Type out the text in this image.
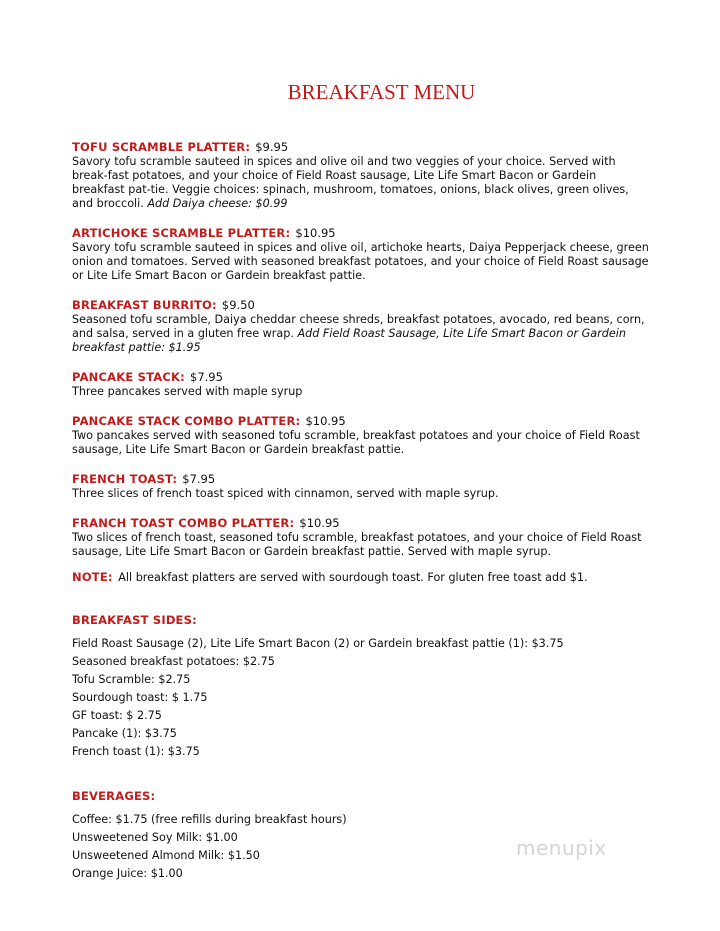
BREAKFAST MENU
TOFU SCRAMBLE PLATTER: $9.95
Savory tofu scramble sauteed in spices and olive oil and two veggies of your choice. Served with break-fast potatoes, and your choice of Field Roast sausage, Lite Life Smart Bacon or Gardein breakfast pat-tie. Veggie choices: spinach, mushroom, tomatoes, onions, black olives, green olives, and broccoli. Add Daiya cheese: $0.99
ARTICHOKE SCRAMBLE PLATTER: $10.95
Savory tofu scramble sauteed in spices and olive oil, artichoke hearts, Daiya Pepperjack cheese, green onion and tomatoes. Served with seasoned breakfast potatoes, and your choice of Field Roast sausage or Lite Life Smart Bacon or Gardein breakfast pattie.
BREAKFAST BURRITO: $9.50
Seasoned tofu scramble, Daiya cheddar cheese shreds, breakfast potatoes, avocado, red beans, corn, and salsa, served in a gluten free wrap. Add Field Roast Sausage, Lite Life Smart Bacon or Gardein breakfast pattie: $1.95
PANCAKE STACK: $7.95
Three pancakes served with maple syrup
PANCAKE STACK COMBO PLATTER: $10.95
Two pancakes served with seasoned tofu scramble, breakfast potatoes and your choice of Field Roast sausage, Lite Life Smart Bacon or Gardein breakfast pattie.
FRENCH TOAST: $7.95
Three slices of french toast spiced with cinnamon, served with maple syrup.
FRANCH TOAST COMBO PLATTER: $10.95
Two slices of french toast, seasoned tofu scramble, breakfast potatoes, and your choice of Field Roast sausage, Lite Life Smart Bacon or Gardein breakfast pattie. Served with maple syrup.
NOTE: All breakfast platters are served with sourdough toast. For gluten free toast add $1.
BREAKFAST SIDES:
Field Roast Sausage (2), Lite Life Smart Bacon (2) or Gardein breakfast pattie (1): $3.75
Seasoned breakfast potatoes: $2.75
Tofu Scramble: $2.75
Sourdough toast: $ 1.75
GF toast: $ 2.75
Pancake (1): $3.75
French toast (1): $3.75
BEVERAGES:
Coffee: $1.75 (free refills during breakfast hours)
Unsweetened Soy Milk: $1.00
Unsweetened Almond Milk: $1.50
Orange Juice: $1.00
menupix
